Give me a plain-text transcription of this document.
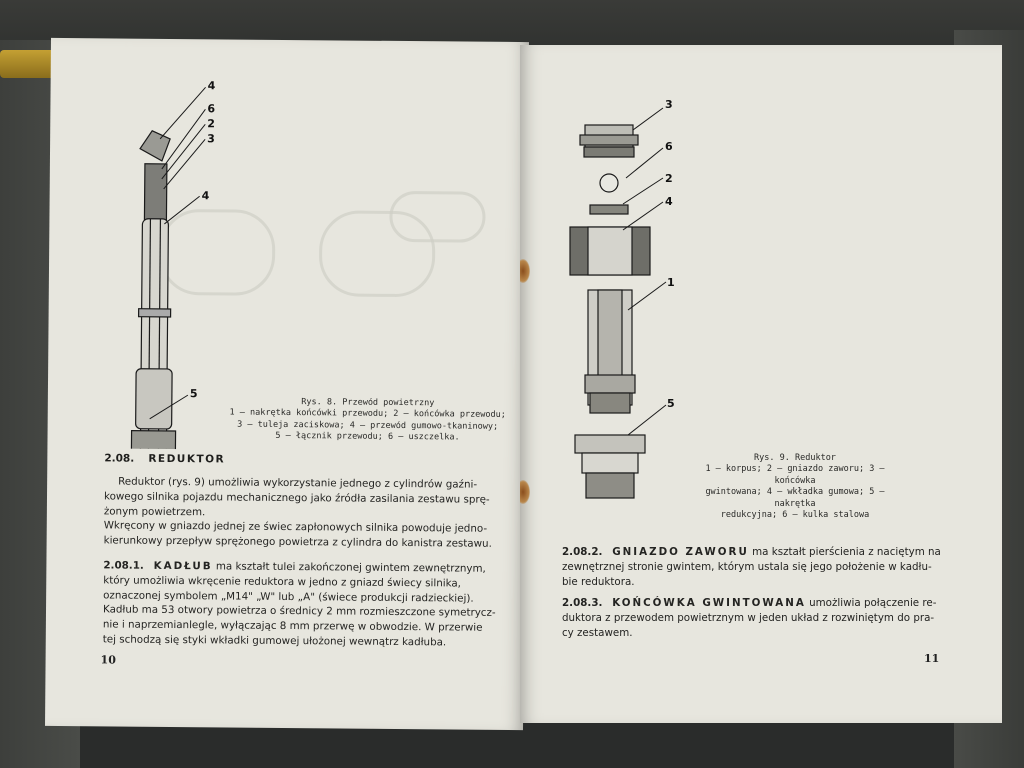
4
6
2
3
4
5
Rys. 8. Przewód powietrzny
1 — nakrętka końcówki przewodu; 2 — końcówka przewodu;
3 — tuleja zaciskowa; 4 — przewód gumowo-tkaninowy;
5 — łącznik przewodu; 6 — uszczelka.
2.08. REDUKTOR
Reduktor (rys. 9) umożliwia wykorzystanie jednego z cylindrów gaźni-
kowego silnika pojazdu mechanicznego jako źródła zasilania zestawu sprę-
żonym powietrzem.
Wkręcony w gniazdo jednej ze świec zapłonowych silnika powoduje jedno-
kierunkowy przepływ sprężonego powietrza z cylindra do kanistra zestawu.
2.08.1. KADŁUB ma kształt tulei zakończonej gwintem zewnętrznym,
który umożliwia wkręcenie reduktora w jedno z gniazd świecy silnika,
oznaczonej symbolem „M14" „W" lub „A" (świece produkcji radzieckiej).
Kadłub ma 53 otwory powietrza o średnicy 2 mm rozmieszczone symetrycz-
nie i naprzemianlegle, wyłączając 8 mm przerwę w obwodzie. W przerwie
tej schodzą się styki wkładki gumowej ułożonej wewnątrz kadłuba.
10
3
6
2
4
1
5
Rys. 9. Reduktor
1 — korpus; 2 — gniazdo zaworu; 3 — końcówka
gwintowana; 4 — wkładka gumowa; 5 — nakrętka
redukcyjna; 6 — kulka stalowa
2.08.2. GNIAZDO ZAWORU ma kształt pierścienia z naciętym na
zewnętrznej stronie gwintem, którym ustala się jego położenie w kadłu-
bie reduktora.
2.08.3. KOŃCÓWKA GWINTOWANA umożliwia połączenie re-
duktora z przewodem powietrznym w jeden układ z rozwiniętym do pra-
cy zestawem.
11
